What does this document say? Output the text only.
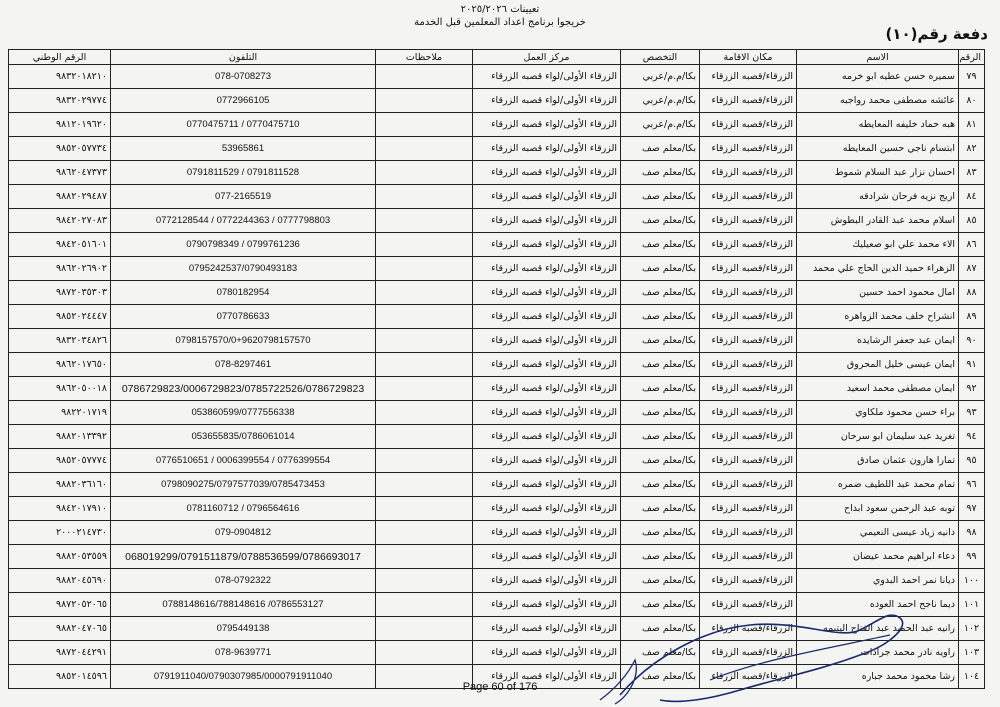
تعيينات ٢٠٢٥/٢٠٢٦
خريجوا برنامج اعداد المعلمين قبل الخدمة
دفعة رقم(١٠)
الرقم	الاسم	مكان الاقامة	التخصص	مركز العمل	ملاحظات	التلفون	الرقم الوطني
٧٩	سميره حسن عطيه ابو خرمه	الزرقاء/قصبه الزرقاء	بكا/م.م/عربي	الزرقاء الأولى/لواء قصبه الزرقاء		078-0708273	٩٨٣٢٠١٨٢١٠
٨٠	عائشه مصطفى محمد رواجبه	الزرقاء/قصبه الزرقاء	بكا/م.م/عربي	الزرقاء الأولى/لواء قصبه الزرقاء		0772966105	٩٨٣٢٠٢٩٧٧٤
٨١	هبه حماد خليفه المعايطه	الزرقاء/قصبه الزرقاء	بكا/م.م/عربي	الزرقاء الأولى/لواء قصبه الزرقاء		0770475711 / 0770475710	٩٨١٢٠١٩٦٢٠
٨٢	ابتسام ناجي حسين المعايطه	الزرقاء/قصبه الزرقاء	بكا/معلم صف	الزرقاء الأولى/لواء قصبه الزرقاء		53965861	٩٨٥٢٠٥٧٧٣٤
٨٣	احسان نزار عبد السلام شموط	الزرقاء/قصبه الزرقاء	بكا/معلم صف	الزرقاء الأولى/لواء قصبه الزرقاء		0791811529 / 0791811528	٩٨٦٢٠٤٧٣٧٣
٨٤	اريج نزيه فرحان شرادقه	الزرقاء/قصبه الزرقاء	بكا/معلم صف	الزرقاء الأولى/لواء قصبه الزرقاء		077-2165519	٩٨٨٢٠٢٩٤٨٧
٨٥	اسلام محمد عبد القادر البطوش	الزرقاء/قصبه الزرقاء	بكا/معلم صف	الزرقاء الأولى/لواء قصبه الزرقاء		0772128544 / 0772244363 / 0777798803	٩٨٤٢٠٢٧٠٨٣
٨٦	الاء محمد علي ابو صعيليك	الزرقاء/قصبه الزرقاء	بكا/معلم صف	الزرقاء الأولى/لواء قصبه الزرقاء		0790798349 / 0799761236	٩٨٤٢٠٥١٦٠١
٨٧	الزهراء حميد الدين الحاج علي محمد	الزرقاء/قصبه الزرقاء	بكا/معلم صف	الزرقاء الأولى/لواء قصبه الزرقاء		0795242537/0790493183	٩٨٦٢٠٢٦٩٠٢
٨٨	امال محمود احمد حسين	الزرقاء/قصبه الزرقاء	بكا/معلم صف	الزرقاء الأولى/لواء قصبه الزرقاء		0780182954	٩٨٧٢٠٣٥٣٠٣
٨٩	انشراح خلف محمد الزواهره	الزرقاء/قصبه الزرقاء	بكا/معلم صف	الزرقاء الأولى/لواء قصبه الزرقاء		0770786633	٩٨٥٢٠٢٤٤٤٧
٩٠	ايمان عبد جعفر الرشايده	الزرقاء/قصبه الزرقاء	بكا/معلم صف	الزرقاء الأولى/لواء قصبه الزرقاء		0798157570/0+9620798157570	٩٨٣٢٠٣٤٨٢٦
٩١	ايمان عيسى خليل المحروق	الزرقاء/قصبه الزرقاء	بكا/معلم صف	الزرقاء الأولى/لواء قصبه الزرقاء		078-8297461	٩٨٦٢٠١٧٦٥٠
٩٢	ايمان مصطفى محمد اسعيد	الزرقاء/قصبه الزرقاء	بكا/معلم صف	الزرقاء الأولى/لواء قصبه الزرقاء		0786729823/0006729823/0785722526/0786729823	٩٨٦٢٠٥٠٠١٨
٩٣	براء حسن محمود ملكاوي	الزرقاء/قصبه الزرقاء	بكا/معلم صف	الزرقاء الأولى/لواء قصبه الزرقاء		053860599/0777556338	٩٨٢٢٠١٧١٩
٩٤	تغريد عبد سليمان ابو سرحان	الزرقاء/قصبه الزرقاء	بكا/معلم صف	الزرقاء الأولى/لواء قصبه الزرقاء		053655835/0786061014	٩٨٨٢٠١٣٣٩٢
٩٥	تمارا هارون عثمان صادق	الزرقاء/قصبه الزرقاء	بكا/معلم صف	الزرقاء الأولى/لواء قصبه الزرقاء		0776510651 / 0006399554 / 0776399554	٩٨٥٢٠٥٧٧٧٤
٩٦	تمام محمد عبد اللطيف ضمره	الزرقاء/قصبه الزرقاء	بكا/معلم صف	الزرقاء الأولى/لواء قصبه الزرقاء		0798090275/0797577039/0785473453	٩٨٨٢٠٣٦١٦٠
٩٧	توبه عبد الرحمن سعود ابداح	الزرقاء/قصبه الزرقاء	بكا/معلم صف	الزرقاء الأولى/لواء قصبه الزرقاء		0781160712 / 0796564616	٩٨٤٢٠١٧٩١٠
٩٨	دانيه زياد عيسى النعيمي	الزرقاء/قصبه الزرقاء	بكا/معلم صف	الزرقاء الأولى/لواء قصبه الزرقاء		079-0904812	٢٠٠٠٢١٤٧٣٠
٩٩	دعاء ابراهيم محمد عيضان	الزرقاء/قصبه الزرقاء	بكا/معلم صف	الزرقاء الأولى/لواء قصبه الزرقاء		068019299/0791511879/0788536599/0786693017	٩٨٨٢٠٥٣٥٥٩
١٠٠	ديانا نمر احمد البدوي	الزرقاء/قصبه الزرقاء	بكا/معلم صف	الزرقاء الأولى/لواء قصبه الزرقاء		078-0792322	٩٨٨٢٠٤٥٦٩٠
١٠١	ديما ناجح احمد العوده	الزرقاء/قصبه الزرقاء	بكا/معلم صف	الزرقاء الأولى/لواء قصبه الزرقاء		0788148616/788148616 /0786553127	٩٨٧٢٠٥٢٠٦٥
١٠٢	رانيه عبد الحميد عبد الفتاح اليتيمه	الزرقاء/قصبه الزرقاء	بكا/معلم صف	الزرقاء الأولى/لواء قصبه الزرقاء		0795449138	٩٨٨٢٠٤٧٠٦٥
١٠٣	راويه نادر محمد جرادات	الزرقاء/قصبه الزرقاء	بكا/معلم صف	الزرقاء الأولى/لواء قصبه الزرقاء		078-9639771	٩٨٧٢٠٤٤٢٩١
١٠٤	رشا محمود محمد جباره	الزرقاء/قصبه الزرقاء	بكا/معلم صف	الزرقاء الأولى/لواء قصبه الزرقاء		0791911040/0790307985/0000791911040	٩٨٥٢٠١٤٥٩٦
Page 60 of 176
